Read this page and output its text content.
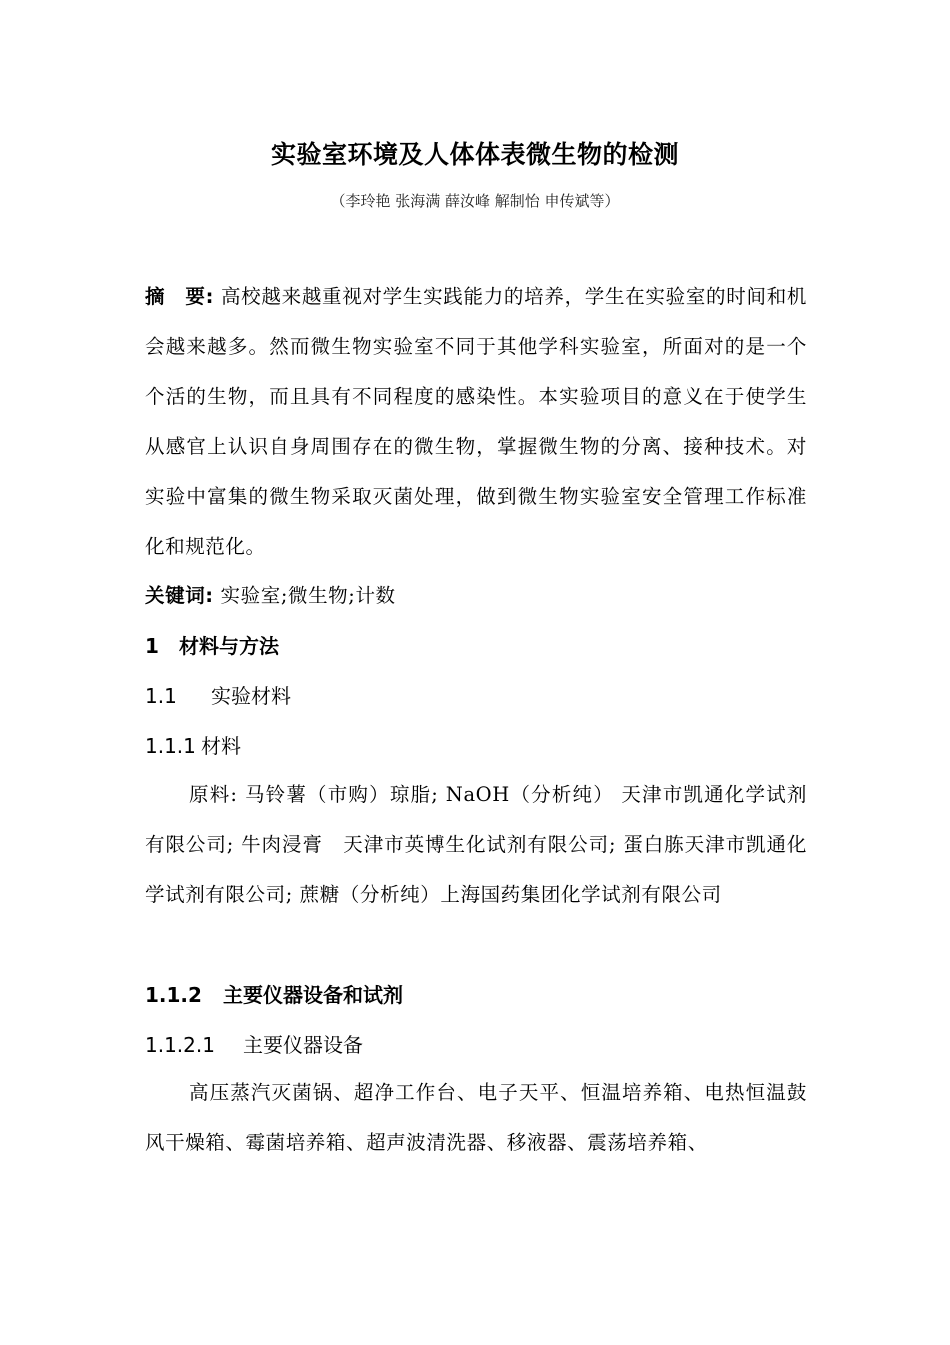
实验室环境及人体体表微生物的检测
（李玲艳 张海满 薛汝峰 解制怡 申传斌等）

摘　要: 高校越来越重视对学生实践能力的培养，学生在实验室的时间和机会越来越多。然而微生物实验室不同于其他学科实验室，所面对的是一个个活的生物，而且具有不同程度的感染性。本实验项目的意义在于使学生从感官上认识自身周围存在的微生物，掌握微生物的分离、接种技术。对实验中富集的微生物采取灭菌处理，做到微生物实验室安全管理工作标准化和规范化。

关键词: 实验室;微生物;计数

1 材料与方法
1.1 实验材料
1.1.1 材料

原料: 马铃薯（市购）琼脂; NaOH（分析纯） 天津市凯通化学试剂有限公司; 牛肉浸膏　天津市英博生化试剂有限公司; 蛋白胨天津市凯通化学试剂有限公司; 蔗糖（分析纯）上海国药集团化学试剂有限公司

1.1.2 主要仪器设备和试剂
1.1.2.1 主要仪器设备

高压蒸汽灭菌锅、超净工作台、电子天平、恒温培养箱、电热恒温鼓风干燥箱、霉菌培养箱、超声波清洗器、移液器、震荡培养箱、
